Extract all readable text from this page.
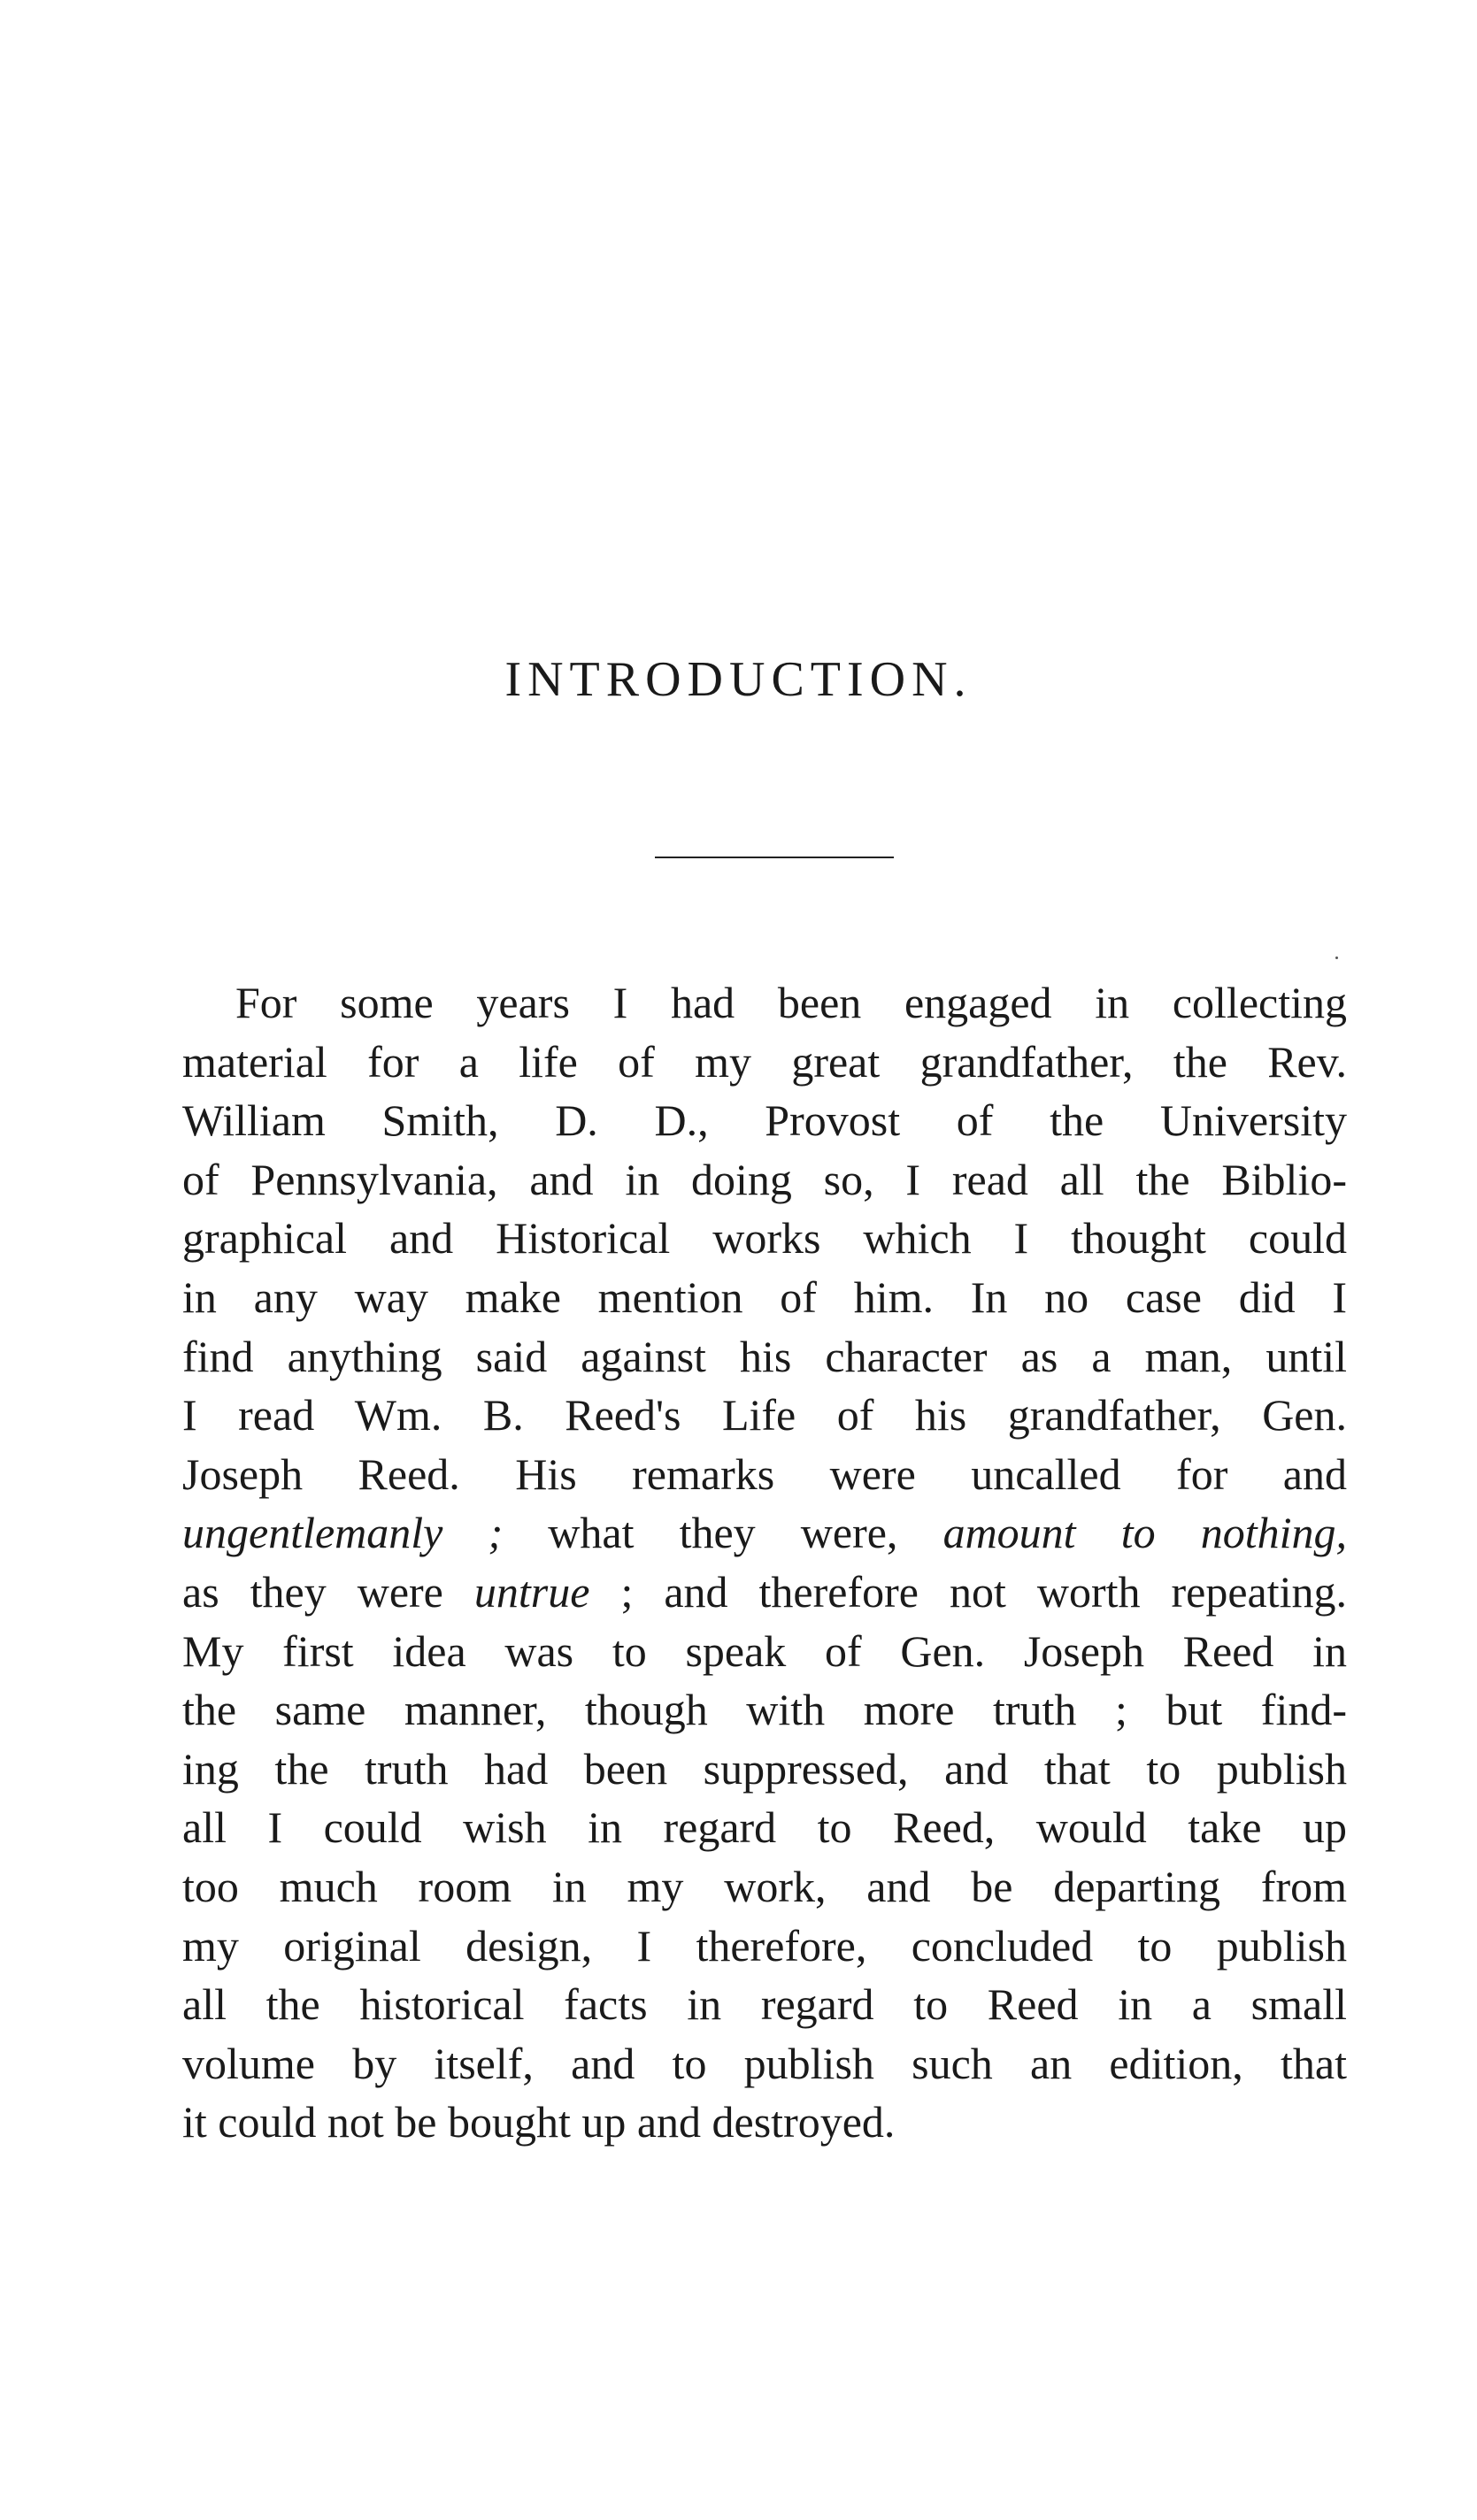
INTRODUCTION.
For some years I had been engaged in collecting
material for a life of my great grandfather, the Rev.
William Smith, D. D., Provost of the University
of Pennsylvania, and in doing so, I read all the Biblio-
graphical and Historical works which I thought could
in any way make mention of him. In no case did I
find anything said against his character as a man, until
I read Wm. B. Reed's Life of his grandfather, Gen.
Joseph Reed. His remarks were uncalled for and
ungentlemanly ; what they were, amount to nothing,
as they were untrue ; and therefore not worth repeating.
My first idea was to speak of Gen. Joseph Reed in
the same manner, though with more truth ; but find-
ing the truth had been suppressed, and that to publish
all I could wish in regard to Reed, would take up
too much room in my work, and be departing from
my original design, I therefore, concluded to publish
all the historical facts in regard to Reed in a small
volume by itself, and to publish such an edition, that
it could not be bought up and destroyed.
